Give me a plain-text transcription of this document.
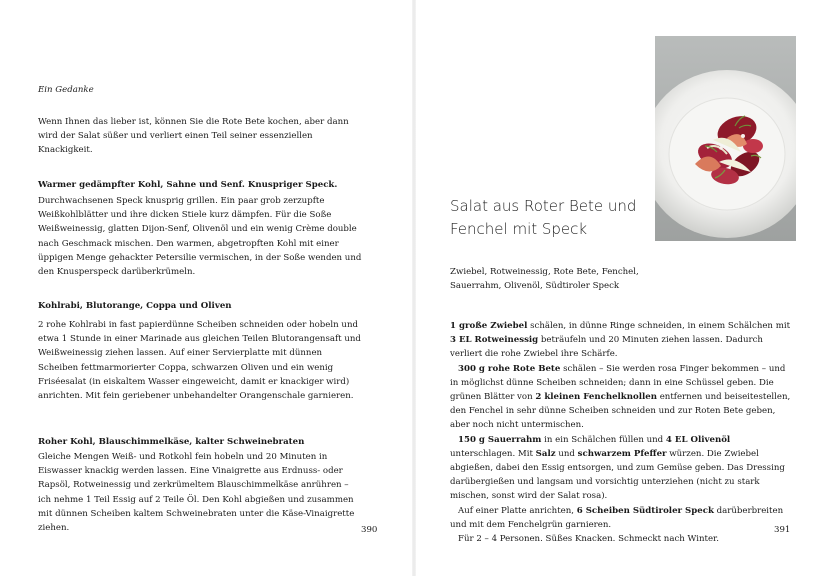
Ein Gedanke
Wenn Ihnen das lieber ist, können Sie die Rote Bete kochen, aber dann wird der Salat süßer und verliert einen Teil seiner essenziellen Knackigkeit.
Warmer gedämpfter Kohl, Sahne und Senf. Knuspriger Speck.
Durchwachsenen Speck knusprig grillen. Ein paar grob zerzupfte Weißkohlblätter und ihre dicken Stiele kurz dämpfen. Für die Soße Weißweinessig, glatten Dijon-Senf, Olivenöl und ein wenig Crème double nach Geschmack mischen. Den warmen, abgetropften Kohl mit einer üppigen Menge gehackter Petersilie vermischen, in der Soße wenden und den Knusperspeck darüberkrümeln.
Kohlrabi, Blutorange, Coppa und Oliven
2 rohe Kohlrabi in fast papierdünne Scheiben schneiden oder hobeln und etwa 1 Stunde in einer Marinade aus gleichen Teilen Blutorangensaft und Weißweinessig ziehen lassen. Auf einer Servierplatte mit dünnen Scheiben fettmarmorierter Coppa, schwarzen Oliven und ein wenig Friséesalat (in eiskaltem Wasser eingeweicht, damit er knackiger wird) anrichten. Mit fein geriebener unbehandelter Orangenschale garnieren.
Roher Kohl, Blauschimmelkäse, kalter Schweinebraten
Gleiche Mengen Weiß- und Rotkohl fein hobeln und 20 Minuten in Eiswasser knackig werden lassen. Eine Vinaigrette aus Erdnuss- oder Rapsöl, Rotweinessig und zerkrümeltem Blauschimmelkäse anrühren – ich nehme 1 Teil Essig auf 2 Teile Öl. Den Kohl abgießen und zusammen mit dünnen Scheiben kaltem Schweinebraten unter die Käse-Vinaigrette ziehen.	390
Salat aus Roter Bete und
Fenchel mit Speck
Zwiebel, Rotweinessig, Rote Bete, Fenchel,
Sauerrahm, Olivenöl, Südtiroler Speck

1 große Zwiebel schälen, in dünne Ringe schneiden, in einem Schälchen mit 3 EL Rotweinessig beträufeln und 20 Minuten ziehen lassen. Dadurch verliert die rohe Zwiebel ihre Schärfe.

300 g rohe Rote Bete schälen – Sie werden rosa Finger bekommen – und in möglichst dünne Scheiben schneiden; dann in eine Schüssel geben. Die grünen Blätter von 2 kleinen Fenchelknollen entfernen und beiseitestellen, den Fenchel in sehr dünne Scheiben schneiden und zur Roten Bete geben, aber noch nicht untermischen.

150 g Sauerrahm in ein Schälchen füllen und 4 EL Olivenöl unterschlagen. Mit Salz und schwarzem Pfeffer würzen. Die Zwiebel abgießen, dabei den Essig entsorgen, und zum Gemüse geben. Das Dressing darübergießen und langsam und vorsichtig unterziehen (nicht zu stark mischen, sonst wird der Salat rosa).

Auf einer Platte anrichten, 6 Scheiben Südtiroler Speck darüberbreiten und mit dem Fenchelgrün garnieren.

Für 2 – 4 Personen. Süßes Knacken. Schmeckt nach Winter.

391
